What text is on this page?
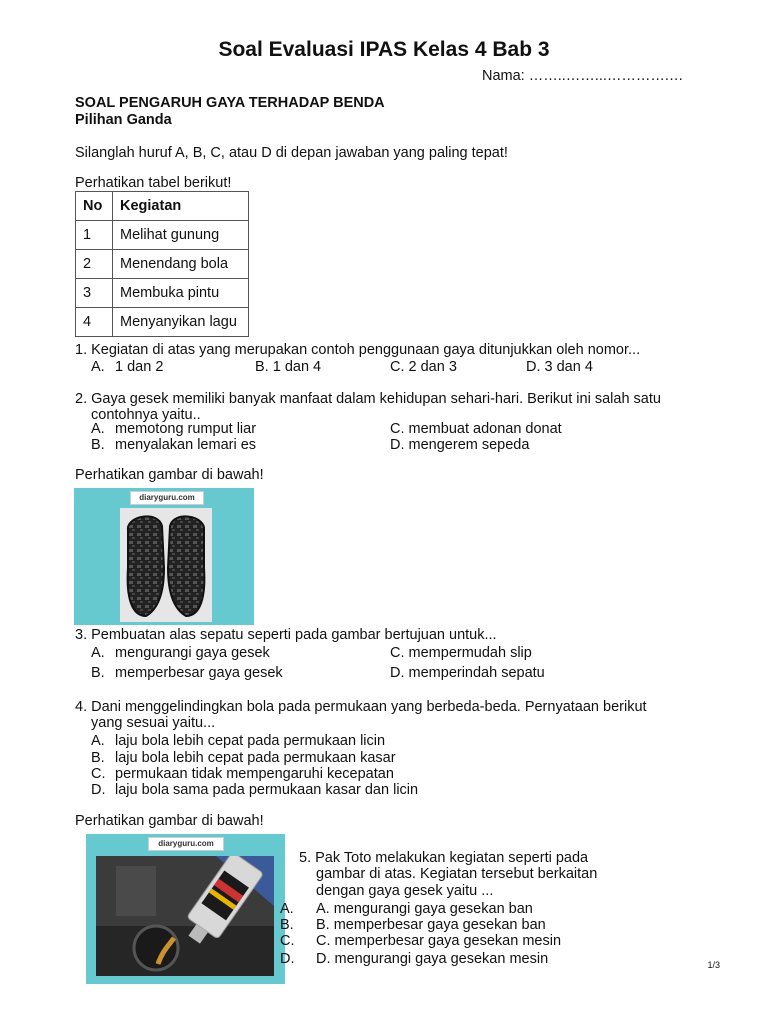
Soal Evaluasi IPAS Kelas 4 Bab 3
Nama: ……..……...………….…
SOAL PENGARUH GAYA TERHADAP BENDA
Pilihan Ganda
Silanglah huruf A, B, C, atau D di depan jawaban yang paling tepat!
Perhatikan tabel berikut!
No	Kegiatan
1	Melihat gunung
2	Menendang bola
3	Membuka pintu
4	Menyanyikan lagu
1. Kegiatan di atas yang merupakan contoh penggunaan gaya ditunjukkan oleh nomor...
A. 1 dan 2	B. 1 dan 4	C. 2 dan 3	D. 3 dan 4
2. Gaya gesek memiliki banyak manfaat dalam kehidupan sehari-hari. Berikut ini salah satu
contohnya yaitu..
A. memotong rumput liar
B. menyalakan lemari es
C. membuat adonan donat
D. mengerem sepeda
Perhatikan gambar di bawah!
diaryguru.com
3. Pembuatan alas sepatu seperti pada gambar bertujuan untuk...
A. mengurangi gaya gesek
B. memperbesar gaya gesek
C. mempermudah slip
D. memperindah sepatu
4. Dani menggelindingkan bola pada permukaan yang berbeda-beda. Pernyataan berikut
yang sesuai yaitu...
A. laju bola lebih cepat pada permukaan licin
B. laju bola lebih cepat pada permukaan kasar
C. permukaan tidak mempengaruhi kecepatan
D. laju bola sama pada permukaan kasar dan licin
Perhatikan gambar di bawah!
diaryguru.com
5. Pak Toto melakukan kegiatan seperti pada
gambar di atas. Kegiatan tersebut berkaitan
dengan gaya gesek yaitu ...
A. A. mengurangi gaya gesekan ban
B. B. memperbesar gaya gesekan ban
C. C. memperbesar gaya gesekan mesin
D. D. mengurangi gaya gesekan mesin	1/3
